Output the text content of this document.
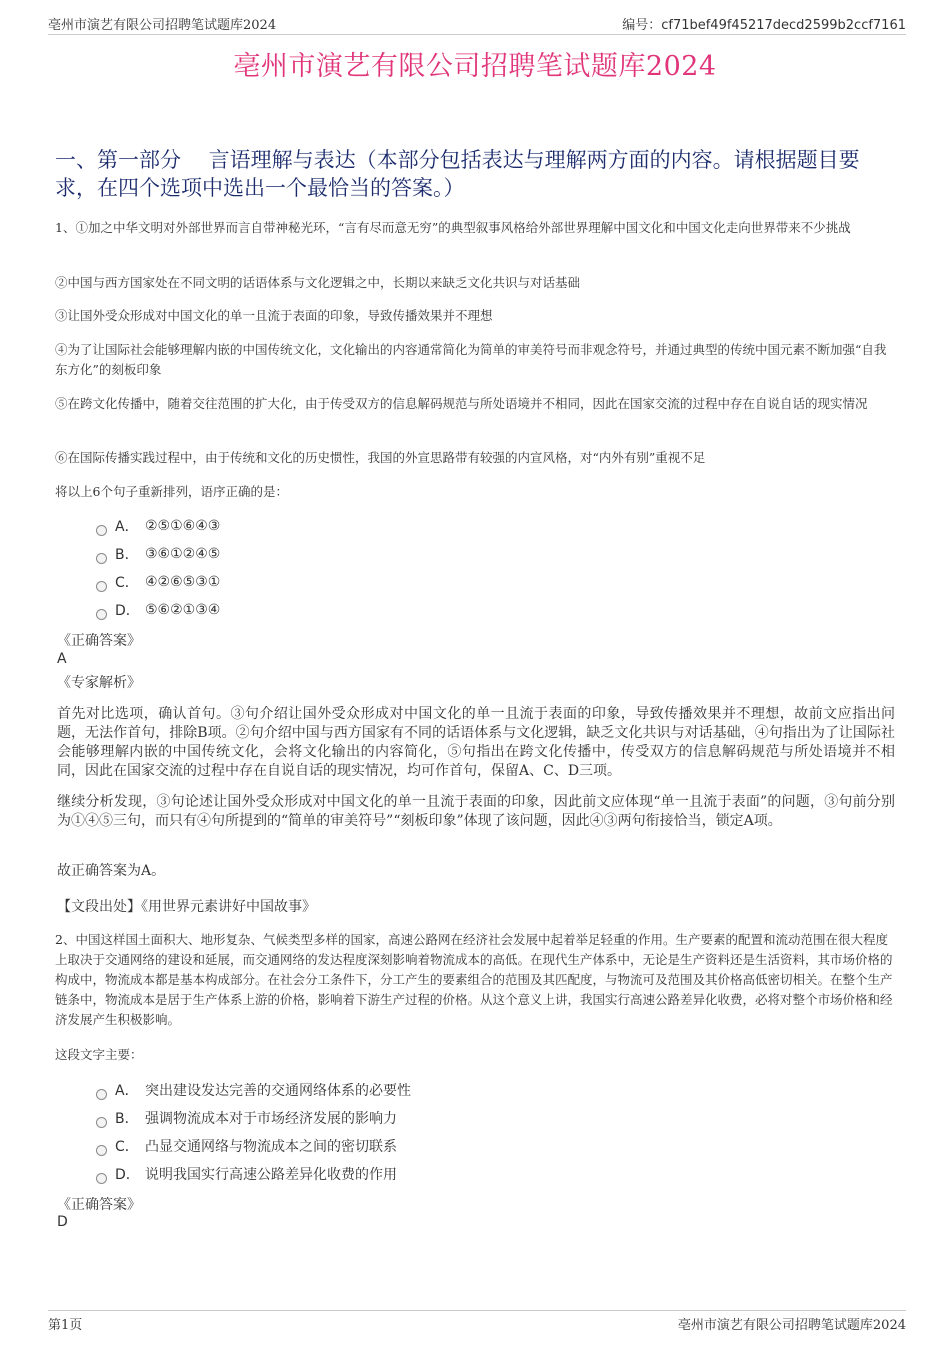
亳州市演艺有限公司招聘笔试题库2024	编号：cf71bef49f45217decd2599b2ccf7161
亳州市演艺有限公司招聘笔试题库2024
一、第一部分　 言语理解与表达（本部分包括表达与理解两方面的内容。请根据题目要求，在四个选项中选出一个最恰当的答案。）
1、①加之中华文明对外部世界而言自带神秘光环，“言有尽而意无穷”的典型叙事风格给外部世界理解中国文化和中国文化走向世界带来不少挑战
②中国与西方国家处在不同文明的话语体系与文化逻辑之中，长期以来缺乏文化共识与对话基础
③让国外受众形成对中国文化的单一且流于表面的印象，导致传播效果并不理想
④为了让国际社会能够理解内嵌的中国传统文化，文化输出的内容通常简化为简单的审美符号而非观念符号，并通过典型的传统中国元素不断加强“自我东方化”的刻板印象
⑤在跨文化传播中，随着交往范围的扩大化，由于传受双方的信息解码规范与所处语境并不相同，因此在国家交流的过程中存在自说自话的现实情况
⑥在国际传播实践过程中，由于传统和文化的历史惯性，我国的外宣思路带有较强的内宣风格，对“内外有别”重视不足
将以上6个句子重新排列，语序正确的是：
A． ②⑤①⑥④③
B． ③⑥①②④⑤
C． ④②⑥⑤③①
D． ⑤⑥②①③④
《正确答案》
A
《专家解析》
首先对比选项，确认首句。③句介绍让国外受众形成对中国文化的单一且流于表面的印象，导致传播效果并不理想，故前文应指出问题，无法作首句，排除B项。②句介绍中国与西方国家有不同的话语体系与文化逻辑，缺乏文化共识与对话基础，④句指出为了让国际社会能够理解内嵌的中国传统文化，会将文化输出的内容简化，⑤句指出在跨文化传播中，传受双方的信息解码规范与所处语境并不相同，因此在国家交流的过程中存在自说自话的现实情况，均可作首句，保留A、C、D三项。
继续分析发现，③句论述让国外受众形成对中国文化的单一且流于表面的印象，因此前文应体现“单一且流于表面”的问题，③句前分别为①④⑤三句，而只有④句所提到的“简单的审美符号”“刻板印象”体现了该问题，因此④③两句衔接恰当，锁定A项。
故正确答案为A。
【文段出处】《用世界元素讲好中国故事》
2、中国这样国土面积大、地形复杂、气候类型多样的国家，高速公路网在经济社会发展中起着举足轻重的作用。生产要素的配置和流动范围在很大程度上取决于交通网络的建设和延展，而交通网络的发达程度深刻影响着物流成本的高低。在现代生产体系中，无论是生产资料还是生活资料，其市场价格的构成中，物流成本都是基本构成部分。在社会分工条件下，分工产生的要素组合的范围及其匹配度，与物流可及范围及其价格高低密切相关。在整个生产链条中，物流成本是居于生产体系上游的价格，影响着下游生产过程的价格。从这个意义上讲，我国实行高速公路差异化收费，必将对整个市场价格和经济发展产生积极影响。
这段文字主要：
A． 突出建设发达完善的交通网络体系的必要性
B． 强调物流成本对于市场经济发展的影响力
C． 凸显交通网络与物流成本之间的密切联系
D． 说明我国实行高速公路差异化收费的作用
《正确答案》
D
第1页	亳州市演艺有限公司招聘笔试题库2024
